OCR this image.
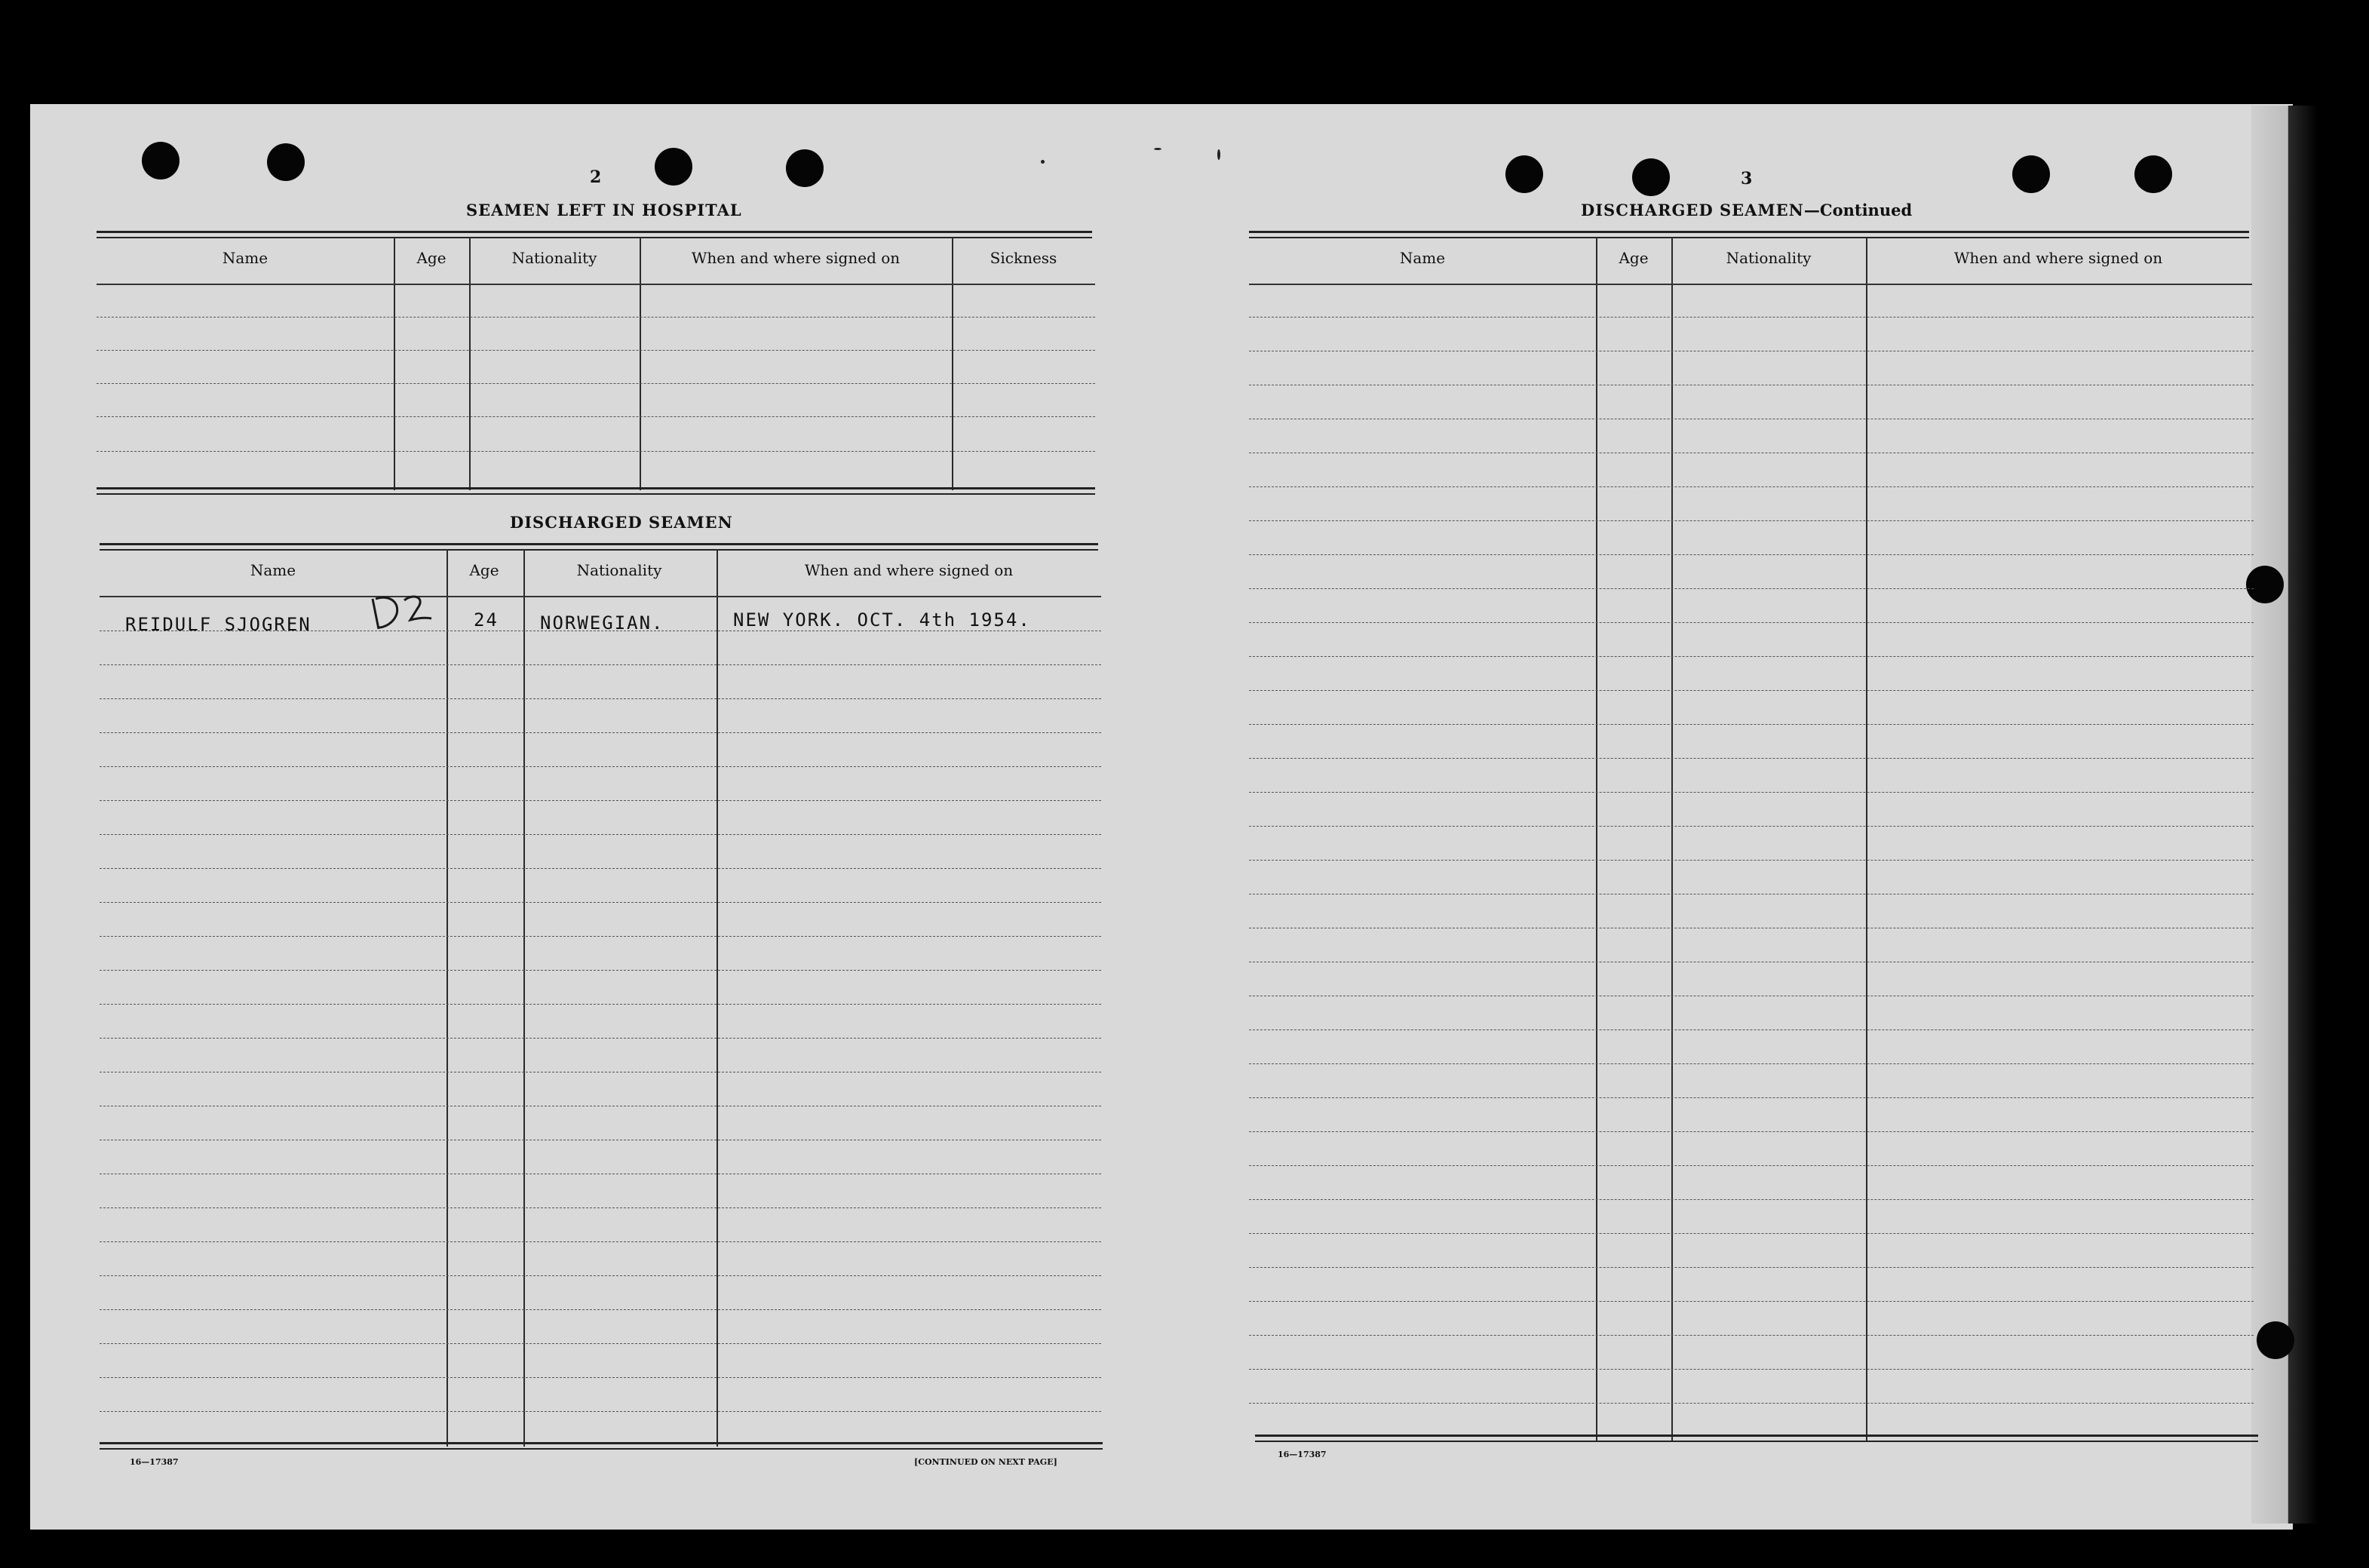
2
SEAMEN LEFT IN HOSPITAL
Name	Age	Nationality	When and where signed on	Sickness
DISCHARGED SEAMEN
Name	Age	Nationality	When and where signed on
REIDULF SJOGREN	24 NORWEGIAN.	NEW YORK. OCT. 4th 1954.
16—17387	[CONTINUED ON NEXT PAGE]
3
DISCHARGED SEAMEN—Continued
Name	Age	Nationality	When and where signed on
16—17387
